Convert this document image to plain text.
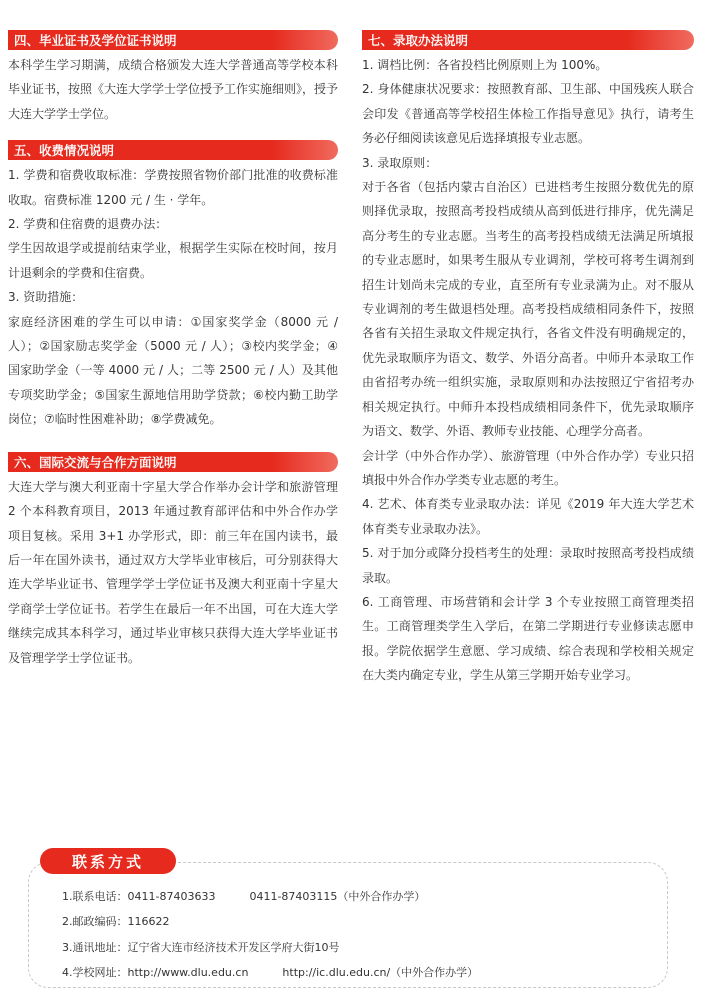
四、毕业证书及学位证书说明

本科学生学习期满，成绩合格颁发大连大学普通高等学校本科毕业证书，按照《大连大学学士学位授予工作实施细则》，授予大连大学学士学位。

五、收费情况说明

1. 学费和宿费收取标准：学费按照省物价部门批准的收费标准收取。宿费标准 1200 元 / 生 · 学年。

2. 学费和住宿费的退费办法：

学生因故退学或提前结束学业，根据学生实际在校时间，按月计退剩余的学费和住宿费。

3. 资助措施：

家庭经济困难的学生可以申请：①国家奖学金（8000 元 / 人）；②国家励志奖学金（5000 元 / 人）；③校内奖学金；④国家助学金（一等 4000 元 / 人；二等 2500 元 / 人）及其他专项奖助学金；⑤国家生源地信用助学贷款；⑥校内勤工助学岗位；⑦临时性困难补助；⑧学费减免。

六、国际交流与合作方面说明

大连大学与澳大利亚南十字星大学合作举办会计学和旅游管理 2 个本科教育项目，2013 年通过教育部评估和中外合作办学项目复核。采用 3+1 办学形式，即：前三年在国内读书，最后一年在国外读书，通过双方大学毕业审核后，可分别获得大连大学毕业证书、管理学学士学位证书及澳大利亚南十字星大学商学士学位证书。若学生在最后一年不出国，可在大连大学继续完成其本科学习，通过毕业审核只获得大连大学毕业证书及管理学学士学位证书。

七、录取办法说明

1. 调档比例：各省投档比例原则上为 100%。

2. 身体健康状况要求：按照教育部、卫生部、中国残疾人联合会印发《普通高等学校招生体检工作指导意见》执行，请考生务必仔细阅读该意见后选择填报专业志愿。

3. 录取原则：

对于各省（包括内蒙古自治区）已进档考生按照分数优先的原则择优录取，按照高考投档成绩从高到低进行排序，优先满足高分考生的专业志愿。当考生的高考投档成绩无法满足所填报的专业志愿时，如果考生服从专业调剂，学校可将考生调剂到招生计划尚未完成的专业，直至所有专业录满为止。对不服从专业调剂的考生做退档处理。高考投档成绩相同条件下，按照各省有关招生录取文件规定执行，各省文件没有明确规定的，优先录取顺序为语文、数学、外语分高者。中师升本录取工作由省招考办统一组织实施，录取原则和办法按照辽宁省招考办相关规定执行。中师升本投档成绩相同条件下，优先录取顺序为语文、数学、外语、教师专业技能、心理学分高者。

会计学（中外合作办学）、旅游管理（中外合作办学）专业只招填报中外合作办学类专业志愿的考生。

4. 艺术、体育类专业录取办法：详见《2019 年大连大学艺术体育类专业录取办法》。

5. 对于加分或降分投档考生的处理：录取时按照高考投档成绩录取。

6. 工商管理、市场营销和会计学 3 个专业按照工商管理类招生。工商管理类学生入学后，在第二学期进行专业修读志愿申报。学院依据学生意愿、学习成绩、综合表现和学校相关规定在大类内确定专业，学生从第三学期开始专业学习。

联系方式
1.联系电话：0411-87403633	0411-87403115（中外合作办学）
2.邮政编码：116622
3.通讯地址：辽宁省大连市经济技术开发区学府大街10号
4.学校网址：http://www.dlu.edu.cn	http://ic.dlu.edu.cn/（中外合作办学）
